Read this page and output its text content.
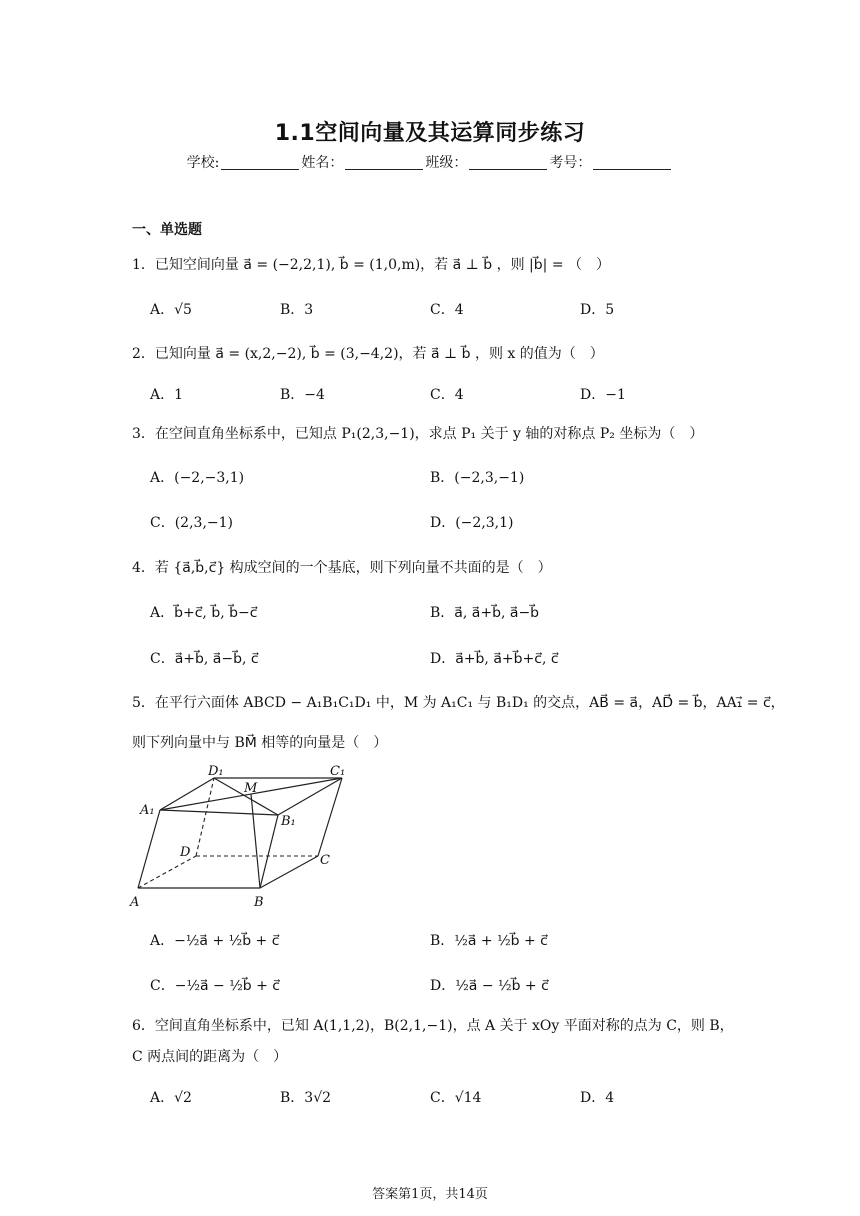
1.1空间向量及其运算同步练习
学校:	姓名：	班级：	考号：
一、单选题
1．已知空间向量 a⃗ = (−2,2,1), b⃗ = (1,0,m)，若 a⃗ ⊥ b⃗ ，则 |b⃗| = （　）
A．√5	B．3	C．4	D．5
2．已知向量 a⃗ = (x,2,−2), b⃗ = (3,−4,2)，若 a⃗ ⊥ b⃗ ，则 x 的值为（　）
A．1	B．−4	C．4	D．−1
3．在空间直角坐标系中，已知点 P₁(2,3,−1)，求点 P₁ 关于 y 轴的对称点 P₂ 坐标为（　）
A．(−2,−3,1)	B．(−2,3,−1)
C．(2,3,−1)	D．(−2,3,1)
4．若 {a⃗,b⃗,c⃗} 构成空间的一个基底，则下列向量不共面的是（　）
A．b⃗+c⃗, b⃗, b⃗−c⃗	B．a⃗, a⃗+b⃗, a⃗−b⃗
C．a⃗+b⃗, a⃗−b⃗, c⃗	D．a⃗+b⃗, a⃗+b⃗+c⃗, c⃗
5．在平行六面体 ABCD − A₁B₁C₁D₁ 中，M 为 A₁C₁ 与 B₁D₁ 的交点，AB⃗ = a⃗，AD⃗ = b⃗，AA₁⃗ = c⃗，
则下列向量中与 BM⃗ 相等的向量是（　）
D₁	C₁
M
A₁
B₁
D
C
A	B
A．−½a⃗ + ½b⃗ + c⃗	B．½a⃗ + ½b⃗ + c⃗
C．−½a⃗ − ½b⃗ + c⃗	D．½a⃗ − ½b⃗ + c⃗
6．空间直角坐标系中，已知 A(1,1,2)，B(2,1,−1)，点 A 关于 xOy 平面对称的点为 C，则 B，
C 两点间的距离为（　）
A．√2	B．3√2	C．√14	D．4
答案第1页，共14页
